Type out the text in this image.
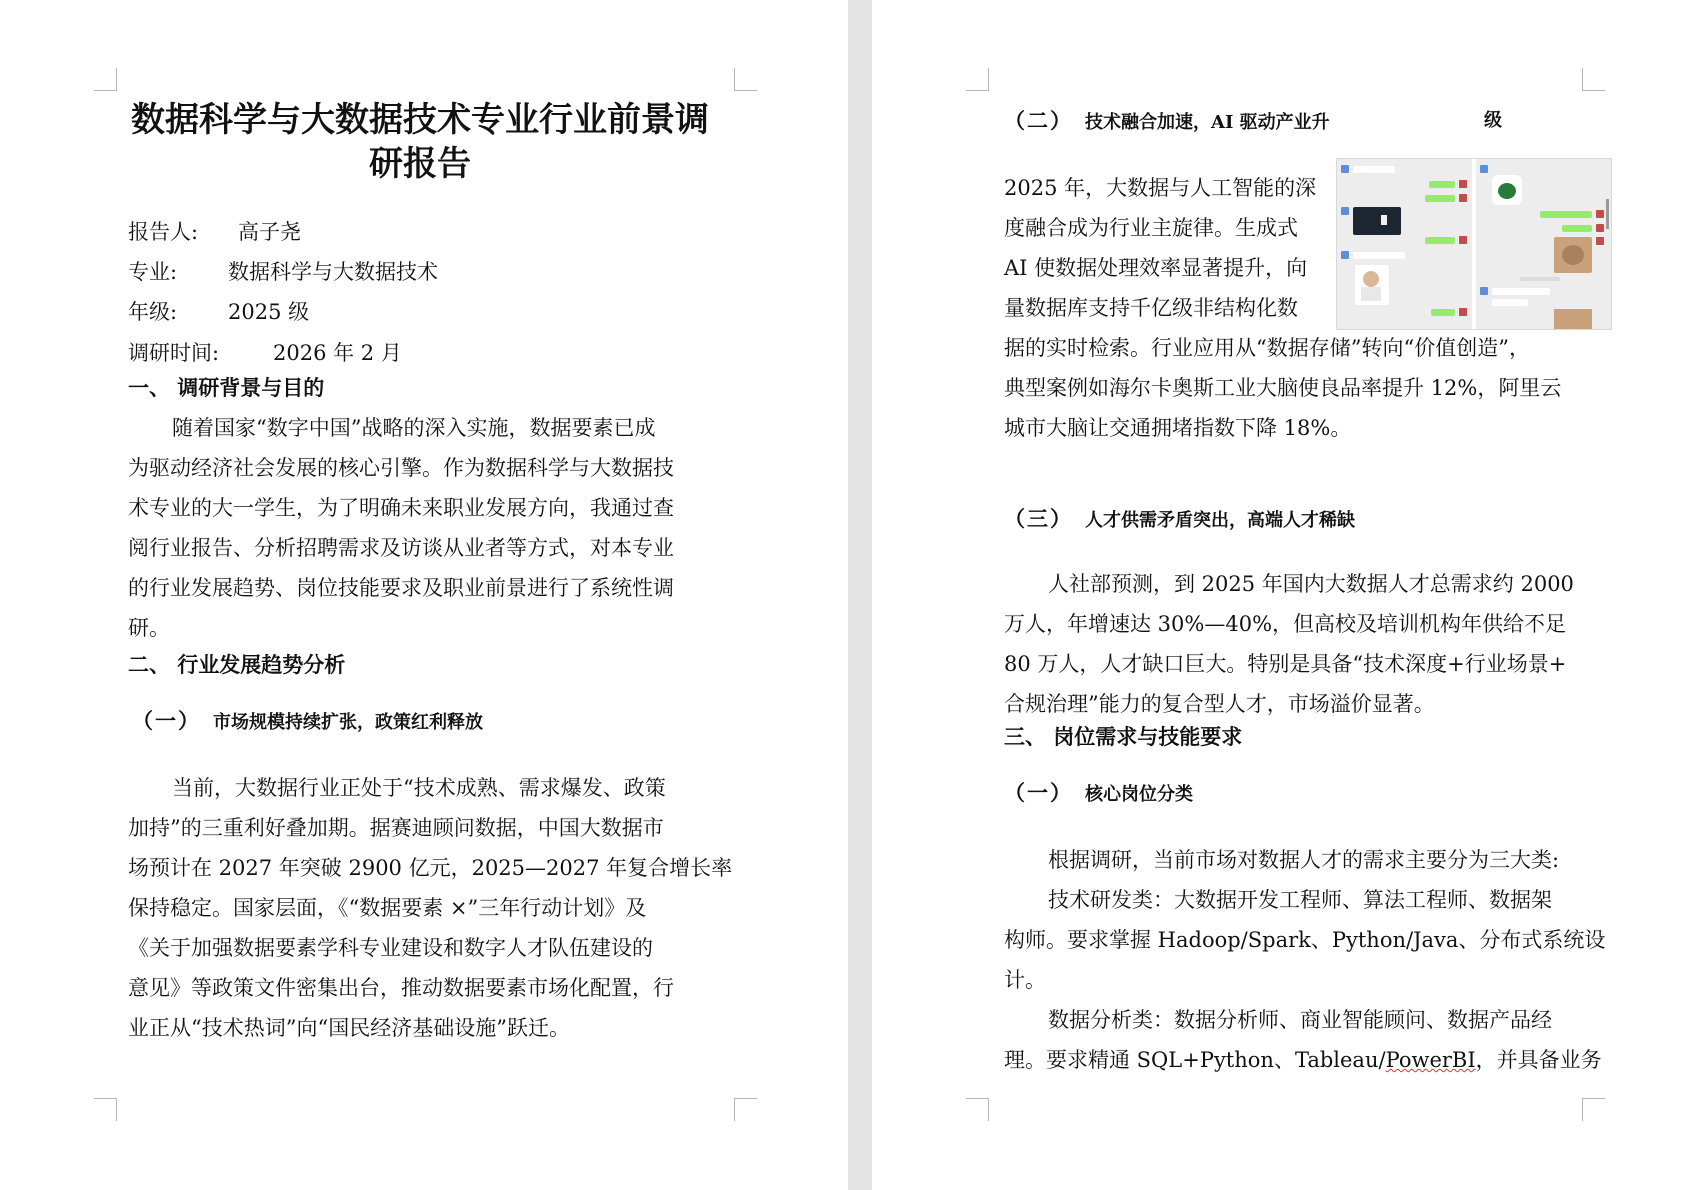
数据科学与大数据技术专业行业前景调
研报告
报告人: 高子尧
专业: 数据科学与大数据技术
年级: 2025 级
调研时间:	2026 年 2 月
一、 调研背景与目的
随着国家“数字中国”战略的深入实施，数据要素已成
为驱动经济社会发展的核心引擎。作为数据科学与大数据技
术专业的大一学生，为了明确未来职业发展方向，我通过查
阅行业报告、分析招聘需求及访谈从业者等方式，对本专业
的行业发展趋势、岗位技能要求及职业前景进行了系统性调
研。
二、 行业发展趋势分析
（一） 市场规模持续扩张，政策红利释放
当前，大数据行业正处于“技术成熟、需求爆发、政策
加持”的三重利好叠加期。据赛迪顾问数据，中国大数据市
场预计在 2027 年突破 2900 亿元，2025—2027 年复合增长率
保持稳定。国家层面，《“数据要素 ×”三年行动计划》及
《关于加强数据要素学科专业建设和数字人才队伍建设的
意见》等政策文件密集出台，推动数据要素市场化配置，行
业正从“技术热词”向“国民经济基础设施”跃迁。
（二） 技术融合加速，AI 驱动产业升	级
2025 年，大数据与人工智能的深
度融合成为行业主旋律。生成式
AI 使数据处理效率显著提升，向
量数据库支持千亿级非结构化数
据的实时检索。行业应用从“数据存储”转向“价值创造”，
典型案例如海尔卡奥斯工业大脑使良品率提升 12%，阿里云
城市大脑让交通拥堵指数下降 18%。
（三） 人才供需矛盾突出，高端人才稀缺
人社部预测，到 2025 年国内大数据人才总需求约 2000
万人，年增速达 30%—40%，但高校及培训机构年供给不足
80 万人，人才缺口巨大。特别是具备“技术深度+行业场景+
合规治理”能力的复合型人才，市场溢价显著。
三、 岗位需求与技能要求
（一） 核心岗位分类
根据调研，当前市场对数据人才的需求主要分为三大类:
技术研发类：大数据开发工程师、算法工程师、数据架
构师。要求掌握 Hadoop/Spark、Python/Java、分布式系统设
计。
数据分析类：数据分析师、商业智能顾问、数据产品经
理。要求精通 SQL+Python、Tableau/PowerBI，并具备业务
